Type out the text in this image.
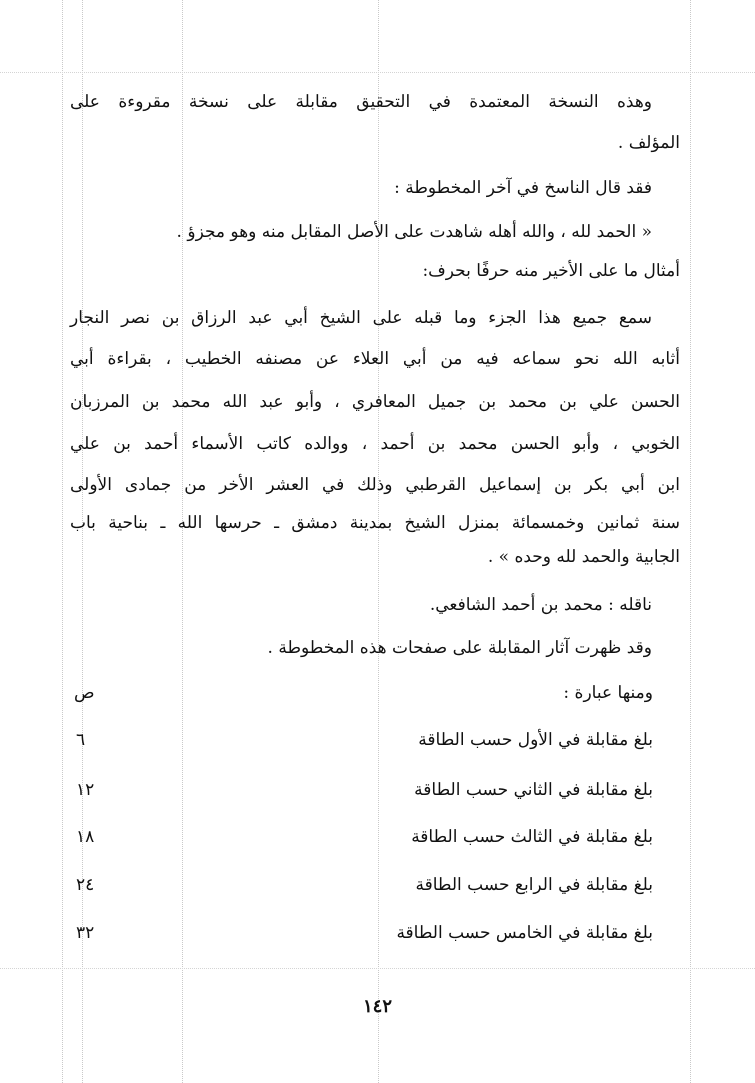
وهذه النسخة المعتمدة في التحقيق مقابلة على نسخة مقروءة على
المؤلف .
فقد قال الناسخ في آخر المخطوطة :
« الحمد لله ، والله أهله شاهدت على الأصل المقابل منه وهو مجزؤ .
أمثال ما على الأخير منه حرفًا بحرف:
سمع جميع هذا الجزء وما قبله على الشيخ أبي عبد الرزاق بن نصر النجار
أثابه الله نحو سماعه فيه من أبي العلاء عن مصنفه الخطيب ، بقراءة أبي
الحسن علي بن محمد بن جميل المعافري ، وأبو عبد الله محمد بن المرزبان
الخوبي ، وأبو الحسن محمد بن أحمد ، ووالده كاتب الأسماء أحمد بن علي
ابن أبي بكر بن إسماعيل القرطبي وذلك في العشر الأخر من جمادى الأولى
سنة ثمانين وخمسمائة بمنزل الشيخ بمدينة دمشق ـ حرسها الله ـ بناحية باب
الجابية والحمد لله وحده » .
ناقله : محمد بن أحمد الشافعي.
وقد ظهرت آثار المقابلة على صفحات هذه المخطوطة .
ومنها عبارة :
ص
بلغ مقابلة في الأول حسب الطاقة
٦
بلغ مقابلة في الثاني حسب الطاقة
١٢
بلغ مقابلة في الثالث حسب الطاقة
١٨
بلغ مقابلة في الرابع حسب الطاقة
٢٤
بلغ مقابلة في الخامس حسب الطاقة
٣٢
١٤٢
